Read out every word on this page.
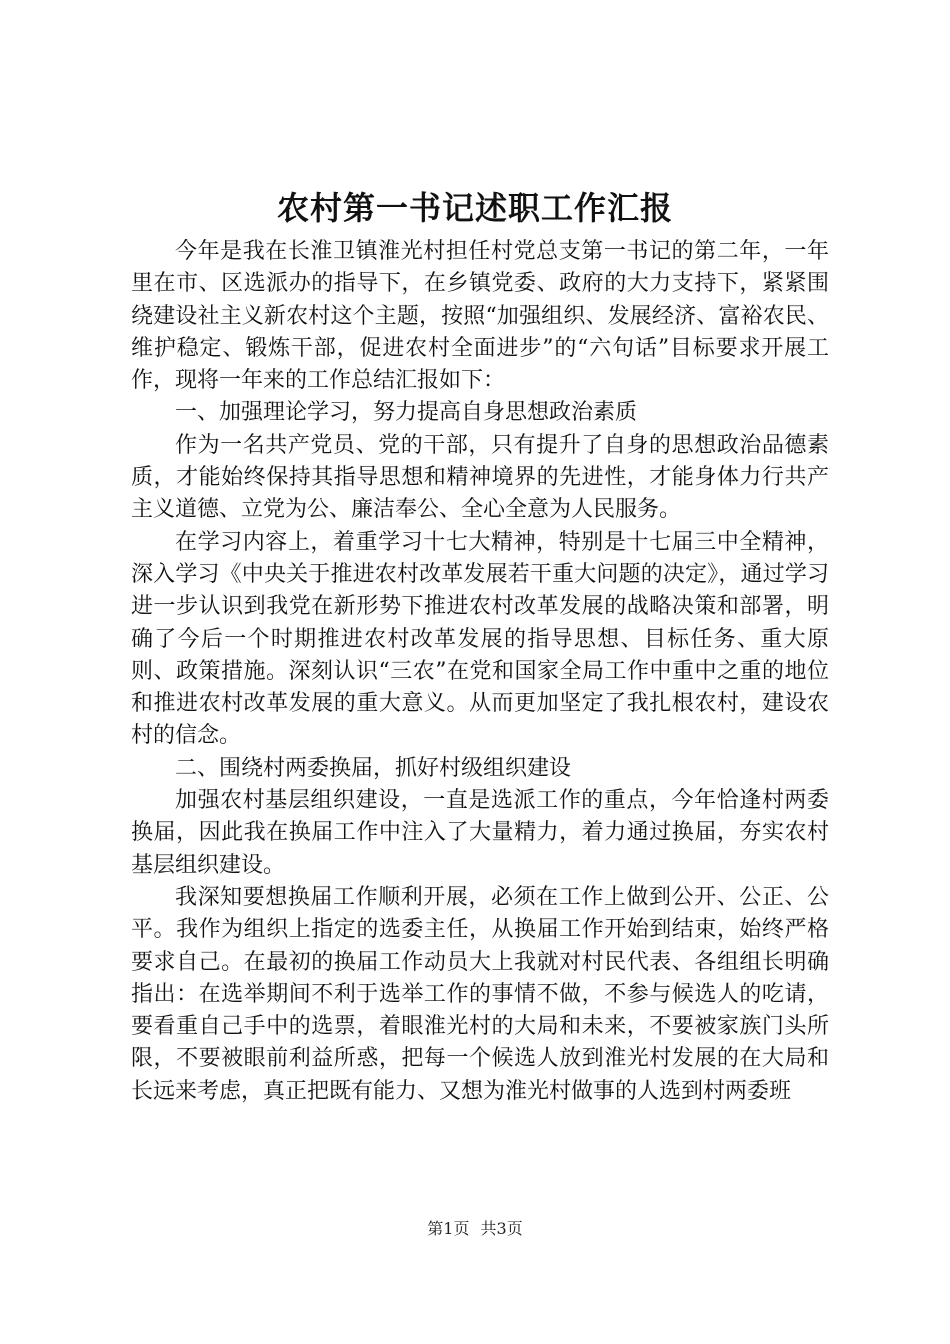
农村第一书记述职工作汇报

今年是我在长淮卫镇淮光村担任村党总支第一书记的第二年，一年里在市、区选派办的指导下，在乡镇党委、政府的大力支持下，紧紧围绕建设社主义新农村这个主题，按照“加强组织、发展经济、富裕农民、维护稳定、锻炼干部，促进农村全面进步”的“六句话”目标要求开展工作，现将一年来的工作总结汇报如下：

一、加强理论学习，努力提高自身思想政治素质

作为一名共产党员、党的干部，只有提升了自身的思想政治品德素质，才能始终保持其指导思想和精神境界的先进性，才能身体力行共产主义道德、立党为公、廉洁奉公、全心全意为人民服务。

在学习内容上，着重学习十七大精神，特别是十七届三中全精神，深入学习《中央关于推进农村改革发展若干重大问题的决定》，通过学习进一步认识到我党在新形势下推进农村改革发展的战略决策和部署，明确了今后一个时期推进农村改革发展的指导思想、目标任务、重大原则、政策措施。深刻认识“三农”在党和国家全局工作中重中之重的地位和推进农村改革发展的重大意义。从而更加坚定了我扎根农村，建设农村的信念。

二、围绕村两委换届，抓好村级组织建设

加强农村基层组织建设，一直是选派工作的重点，今年恰逢村两委换届，因此我在换届工作中注入了大量精力，着力通过换届，夯实农村基层组织建设。

我深知要想换届工作顺利开展，必须在工作上做到公开、公正、公平。我作为组织上指定的选委主任，从换届工作开始到结束，始终严格要求自己。在最初的换届工作动员大上我就对村民代表、各组组长明确指出：在选举期间不利于选举工作的事情不做，不参与候选人的吃请，要看重自己手中的选票，着眼淮光村的大局和未来，不要被家族门头所限，不要被眼前利益所惑，把每一个候选人放到淮光村发展的在大局和长远来考虑，真正把既有能力、又想为淮光村做事的人选到村两委班

第1页 共3页
